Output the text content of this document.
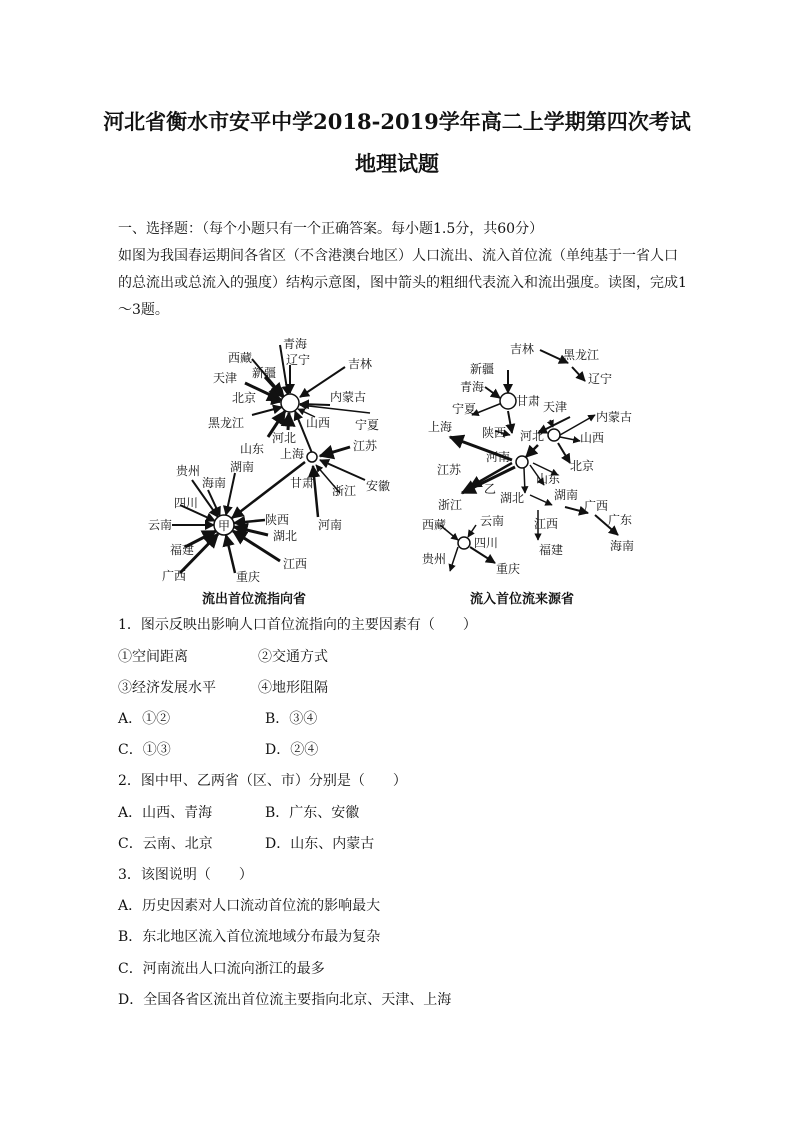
河北省衡水市安平中学2018-2019学年高二上学期第四次考试
地理试题
一、选择题：（每个小题只有一个正确答案。每小题1.5分，共60分）
如图为我国春运期间各省区（不含港澳台地区）人口流出、流入首位流（单纯基于一省人口的总流出或总流入的强度）结构示意图，图中箭头的粗细代表流入和流出强度。读图，完成1～3题。
青海
西藏	辽宁	吉林
新疆
天津
北京	内蒙古
黑龙江	宁夏
山西
河北
山东 上海
江苏
贵州 湖南
海南	甘肃	安徽
四川
浙江
陕西
云南	甲	河南
湖北
福建
江西
广西	重庆
流出首位流指向省
吉林 黑龙江
新疆
辽宁
青海
甘肃 天津
内蒙古
宁夏
上海 陕西 河北	山西
河南
北京
江苏
乙
山东
浙江	湖北 湖南
广西
广东
西藏	云南 江西
四川	海南
福建
贵州
重庆
流入首位流来源省
1．图示反映出影响人口首位流指向的主要因素有（　　）
①空间距离	②交通方式
③经济发展水平	④地形阻隔
A．①②	B．③④
C．①③	D．②④
2．图中甲、乙两省（区、市）分别是（　　）
A．山西、青海	B．广东、安徽
C．云南、北京	D．山东、内蒙古
3．该图说明（　　）
A．历史因素对人口流动首位流的影响最大
B．东北地区流入首位流地域分布最为复杂
C．河南流出人口流向浙江的最多
D．全国各省区流出首位流主要指向北京、天津、上海
